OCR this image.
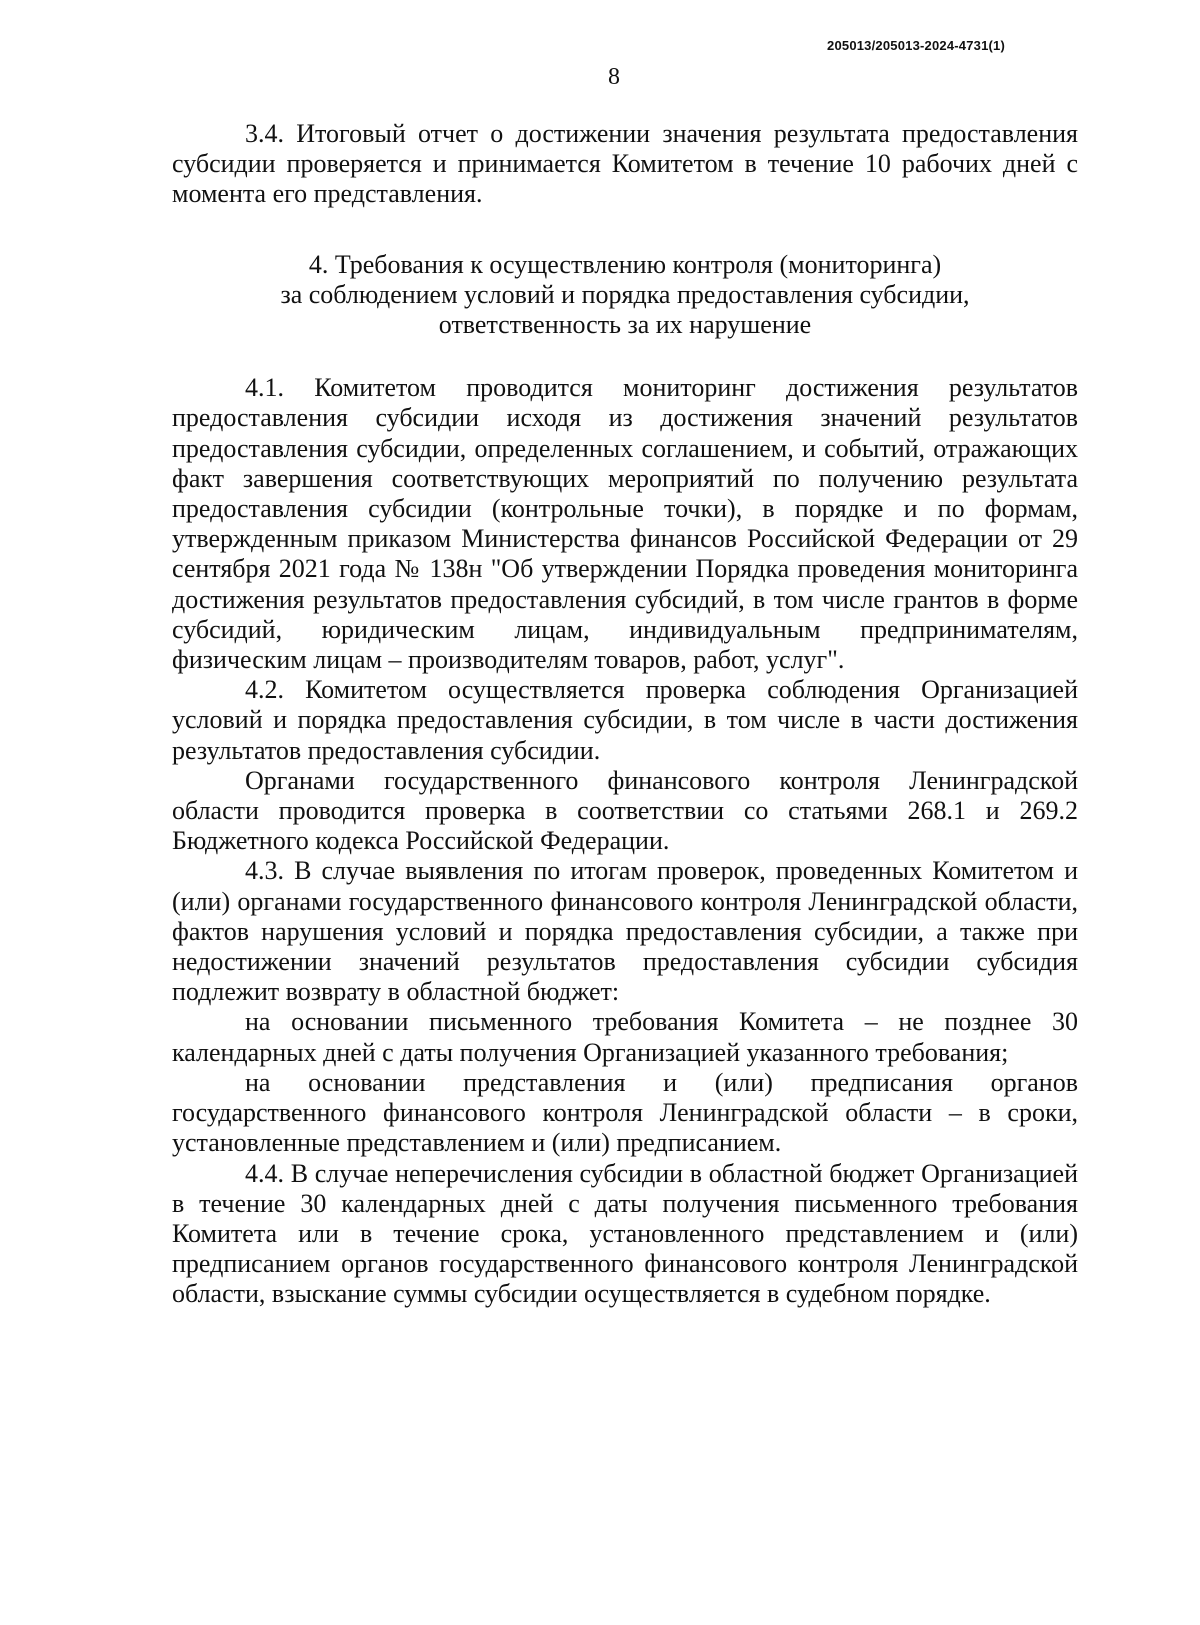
205013/205013-2024-4731(1)
8

3.4. Итоговый отчет о достижении значения результата предоставления субсидии проверяется и принимается Комитетом в течение 10 рабочих дней с момента его представления.

4. Требования к осуществлению контроля (мониторинга)
за соблюдением условий и порядка предоставления субсидии,
ответственность за их нарушение

4.1. Комитетом проводится мониторинг достижения результатов предоставления субсидии исходя из достижения значений результатов предоставления субсидии, определенных соглашением, и событий, отражающих факт завершения соответствующих мероприятий по получению результата предоставления субсидии (контрольные точки), в порядке и по формам, утвержденным приказом Министерства финансов Российской Федерации от 29 сентября 2021 года № 138н "Об утверждении Порядка проведения мониторинга достижения результатов предоставления субсидий, в том числе грантов в форме субсидий, юридическим лицам, индивидуальным предпринимателям, физическим лицам – производителям товаров, работ, услуг".

4.2. Комитетом осуществляется проверка соблюдения Организацией условий и порядка предоставления субсидии, в том числе в части достижения результатов предоставления субсидии.

Органами государственного финансового контроля Ленинградской области проводится проверка в соответствии со статьями 268.1 и 269.2 Бюджетного кодекса Российской Федерации.

4.3. В случае выявления по итогам проверок, проведенных Комитетом и (или) органами государственного финансового контроля Ленинградской области, фактов нарушения условий и порядка предоставления субсидии, а также при недостижении значений результатов предоставления субсидии субсидия подлежит возврату в областной бюджет:

на основании письменного требования Комитета – не позднее 30 календарных дней с даты получения Организацией указанного требования;

на основании представления и (или) предписания органов государственного финансового контроля Ленинградской области – в сроки, установленные представлением и (или) предписанием.

4.4. В случае неперечисления субсидии в областной бюджет Организацией в течение 30 календарных дней с даты получения письменного требования Комитета или в течение срока, установленного представлением и (или) предписанием органов государственного финансового контроля Ленинградской области, взыскание суммы субсидии осуществляется в судебном порядке.
